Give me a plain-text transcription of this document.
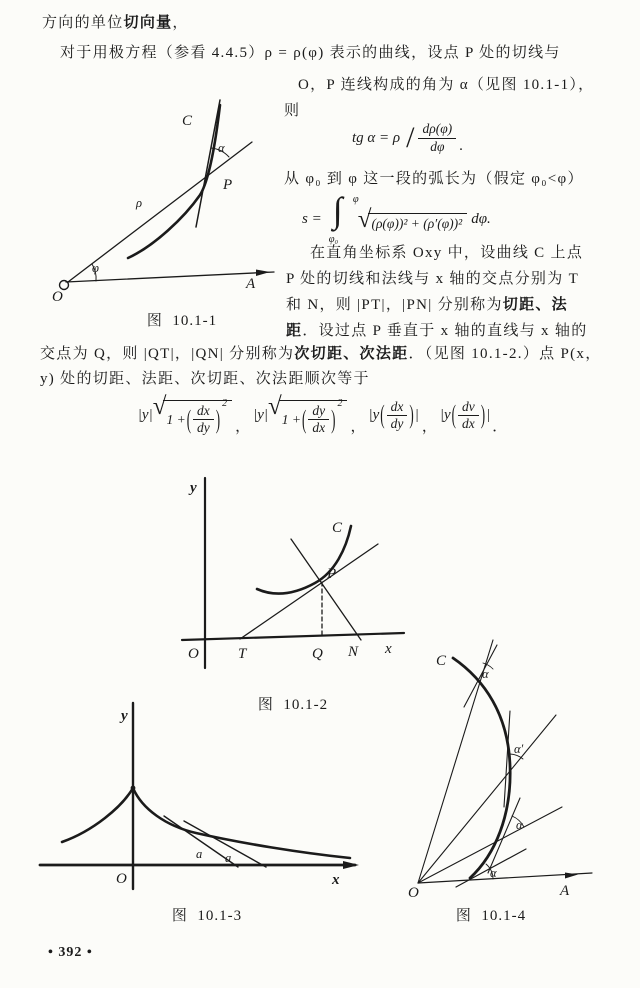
方向的单位切向量，
对于用极方程（参看 4.4.5）ρ = ρ(φ) 表示的曲线，设点 P 处的切线与
O，P 连线构成的角为 α（见图 10.1-1），
则
tg $\alpha = \rho / \frac{d\rho(\varphi)}{d\varphi}$ .
从 φ₀ 到 φ 这一段的弧长为（假定 φ₀<φ）
s = ∫ φ
φ₀
√ (ρ(φ))² + (ρ′(φ))² dφ.
在直角坐标系 Oxy 中，设曲线 C 上点
P 处的切线和法线与 x 轴的交点分别为 T
和 N，则 |PT|，|PN| 分别称为切距、法
距．设过点 P 垂直于 x 轴的直线与 x 轴的
交点为 Q，则 |QT|，|QN| 分别称为次切距、次法距．（见图 10.1-2.）点 P(x，
y) 处的切距、法距、次切距、次法距顺次等于
|y| √ 1 + ( $\frac{dx}{dy}$ )
2
，
|y| √ 1 + ( $\frac{dy}{dx}$ )
2
，
|y ( $\frac{dx}{dy}$ ) |
，
|y ( $\frac{dv}{dx}$ ) |
．
C
α
P
ρ
φ
O
A
图  10.1-1
y
C
P
O	T	Q N x
图  10.1-2
y
O	x
a a
图  10.1-3
C
α
α′
α
α
O	A
图  10.1-4
• 392 •
